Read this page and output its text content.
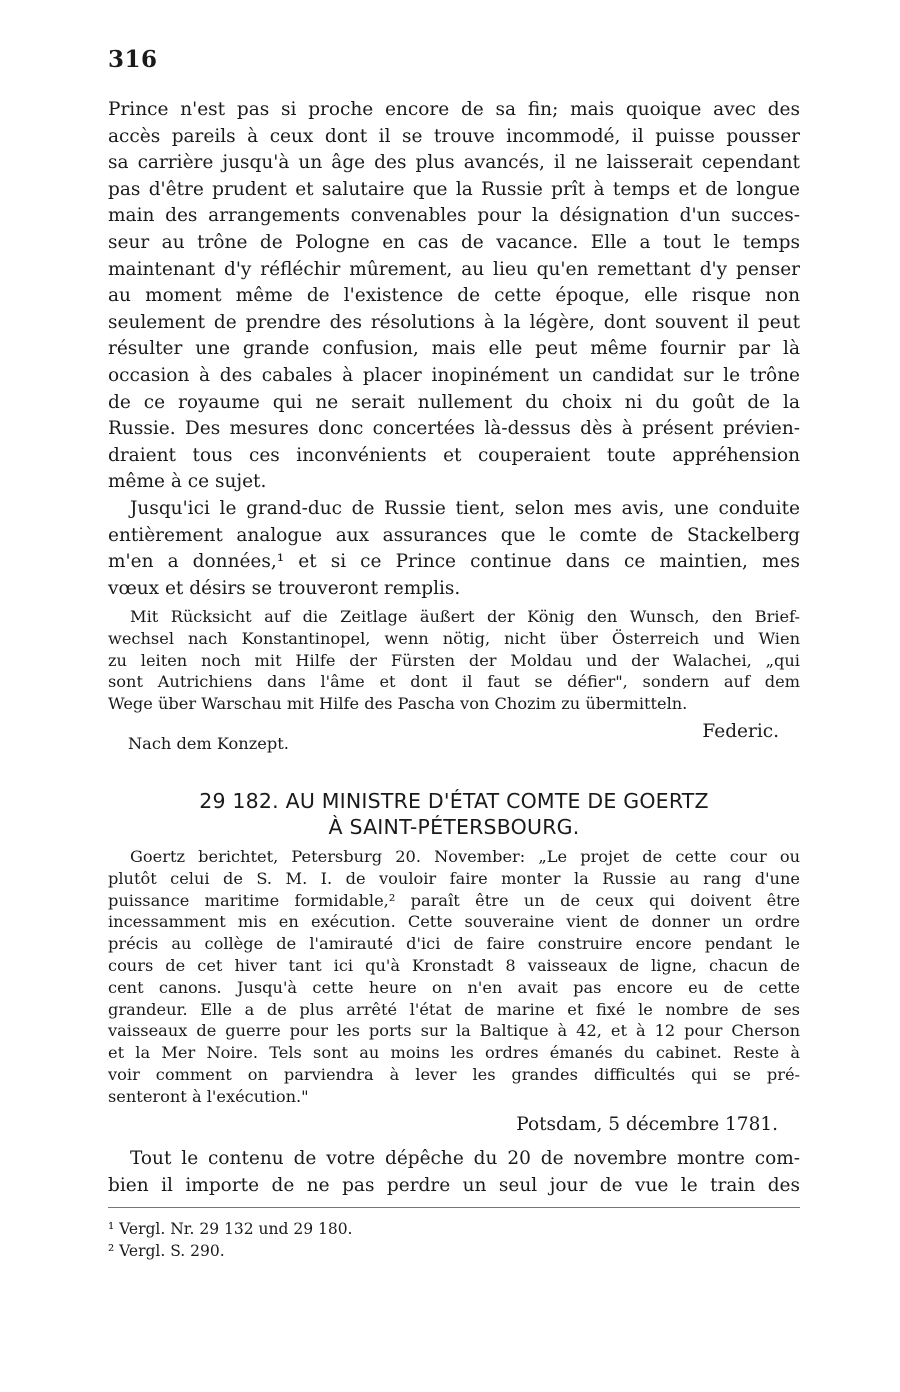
316
Prince n'est pas si proche encore de sa fin; mais quoique avec des
accès pareils à ceux dont il se trouve incommodé, il puisse pousser
sa carrière jusqu'à un âge des plus avancés, il ne laisserait cependant
pas d'être prudent et salutaire que la Russie prît à temps et de longue
main des arrangements convenables pour la désignation d'un succes-
seur au trône de Pologne en cas de vacance. Elle a tout le temps
maintenant d'y réfléchir mûrement, au lieu qu'en remettant d'y penser
au moment même de l'existence de cette époque, elle risque non
seulement de prendre des résolutions à la légère, dont souvent il peut
résulter une grande confusion, mais elle peut même fournir par là
occasion à des cabales à placer inopinément un candidat sur le trône
de ce royaume qui ne serait nullement du choix ni du goût de la
Russie. Des mesures donc concertées là-dessus dès à présent prévien-
draient tous ces inconvénients et couperaient toute appréhension
même à ce sujet.
Jusqu'ici le grand-duc de Russie tient, selon mes avis, une conduite
entièrement analogue aux assurances que le comte de Stackelberg
m'en a données,¹ et si ce Prince continue dans ce maintien, mes
vœux et désirs se trouveront remplis.
Mit Rücksicht auf die Zeitlage äußert der König den Wunsch, den Brief-
wechsel nach Konstantinopel, wenn nötig, nicht über Österreich und Wien
zu leiten noch mit Hilfe der Fürsten der Moldau und der Walachei, „qui
sont Autrichiens dans l'âme et dont il faut se défier", sondern auf dem
Wege über Warschau mit Hilfe des Pascha von Chozim zu übermitteln.
Federic.
Nach dem Konzept.
29 182. AU MINISTRE D'ÉTAT COMTE DE GOERTZ
À SAINT-PÉTERSBOURG.
Goertz berichtet, Petersburg 20. November: „Le projet de cette cour ou
plutôt celui de S. M. I. de vouloir faire monter la Russie au rang d'une
puissance maritime formidable,² paraît être un de ceux qui doivent être
incessamment mis en exécution. Cette souveraine vient de donner un ordre
précis au collège de l'amirauté d'ici de faire construire encore pendant le
cours de cet hiver tant ici qu'à Kronstadt 8 vaisseaux de ligne, chacun de
cent canons. Jusqu'à cette heure on n'en avait pas encore eu de cette
grandeur. Elle a de plus arrêté l'état de marine et fixé le nombre de ses
vaisseaux de guerre pour les ports sur la Baltique à 42, et à 12 pour Cherson
et la Mer Noire. Tels sont au moins les ordres émanés du cabinet. Reste à
voir comment on parviendra à lever les grandes difficultés qui se pré-
senteront à l'exécution."
Potsdam, 5 décembre 1781.
Tout le contenu de votre dépêche du 20 de novembre montre com-
bien il importe de ne pas perdre un seul jour de vue le train des
¹ Vergl. Nr. 29 132 und 29 180.
² Vergl. S. 290.
